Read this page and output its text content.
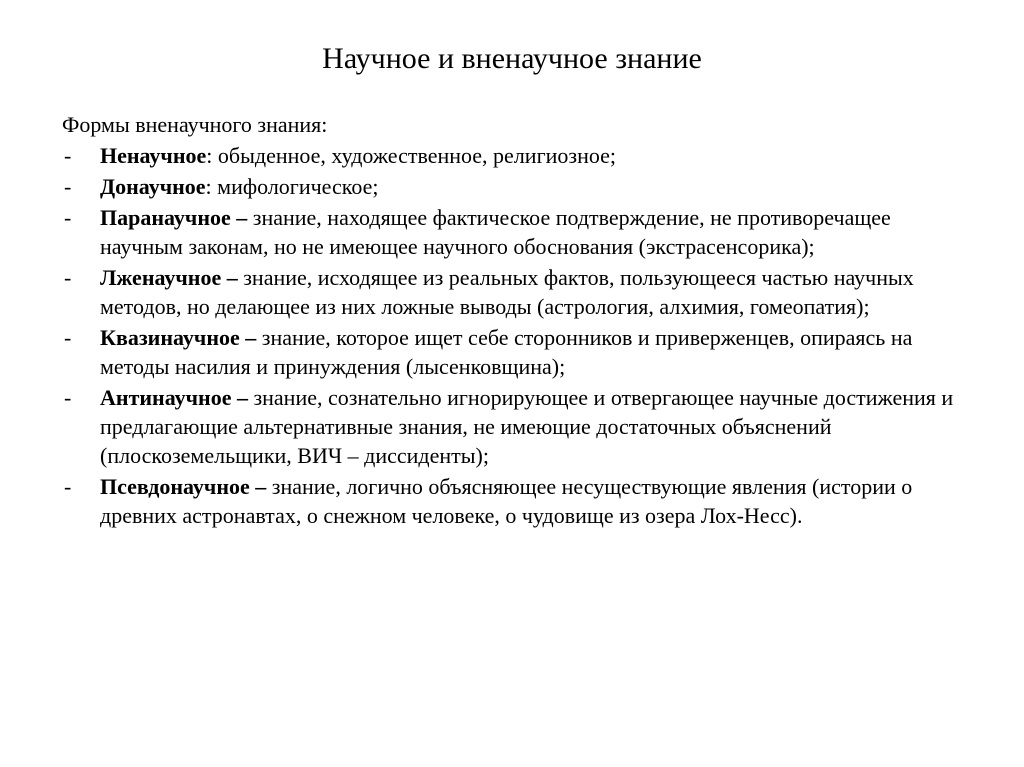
Научное и вненаучное знание

Формы вненаучного знания:

- Ненаучное: обыденное, художественное, религиозное;
- Донаучное: мифологическое;
- Паранаучное – знание, находящее фактическое подтверждение, не противоречащее научным законам, но не имеющее научного обоснования (экстрасенсорика);
- Лженаучное – знание, исходящее из реальных фактов, пользующееся частью научных методов, но делающее из них ложные выводы (астрология, алхимия, гомеопатия);
- Квазинаучное – знание, которое ищет себе сторонников и приверженцев, опираясь на методы насилия и принуждения (лысенковщина);
- Антинаучное – знание, сознательно игнорирующее и отвергающее научные достижения и предлагающие альтернативные знания, не имеющие достаточных объяснений (плоскоземельщики, ВИЧ – диссиденты);
- Псевдонаучное – знание, логично объясняющее несуществующие явления (истории о древних астронавтах, о снежном человеке, о чудовище из озера Лох-Несс).
